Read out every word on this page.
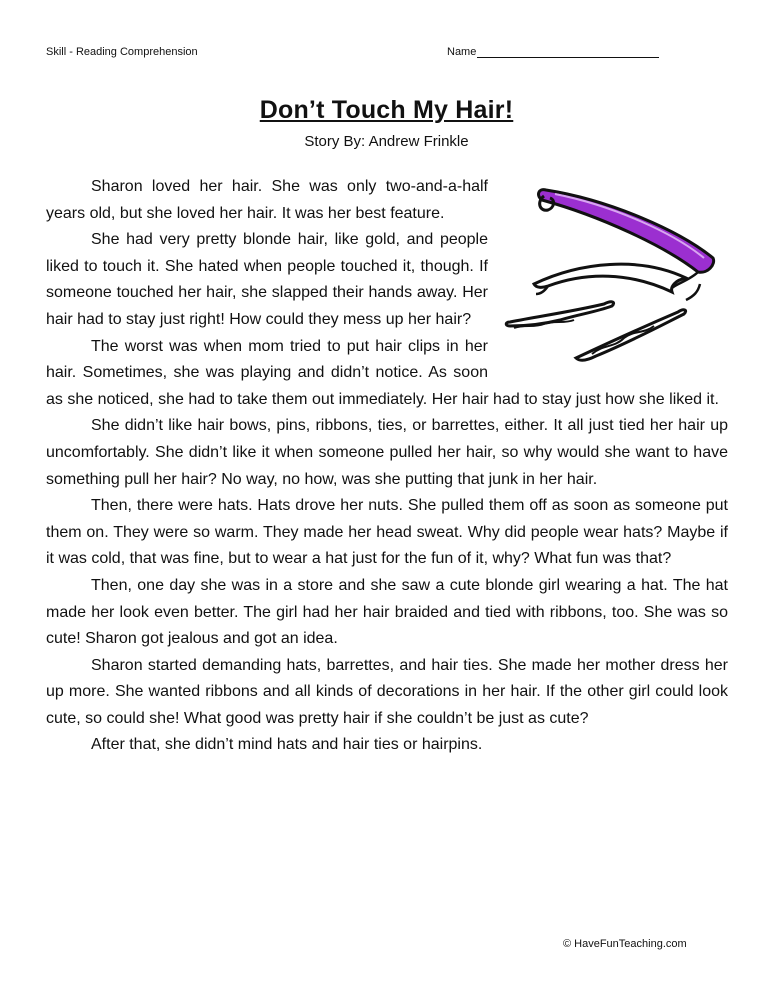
Skill - Reading Comprehension	Name
Don’t Touch My Hair!
Story By: Andrew Frinkle

Sharon loved her hair. She was only two-and-a-half years old, but she loved her hair. It was her best feature.

She had very pretty blonde hair, like gold, and people liked to touch it. She hated when people touched it, though. If someone touched her hair, she slapped their hands away. Her hair had to stay just right! How could they mess up her hair?

The worst was when mom tried to put hair clips in her hair. Sometimes, she was playing and didn’t notice. As soon as she noticed, she had to take them out immediately. Her hair had to stay just how she liked it.

She didn’t like hair bows, pins, ribbons, ties, or barrettes, either. It all just tied her hair up uncomfortably. She didn’t like it when someone pulled her hair, so why would she want to have something pull her hair? No way, no how, was she putting that junk in her hair.

Then, there were hats. Hats drove her nuts. She pulled them off as soon as someone put them on. They were so warm. They made her head sweat. Why did people wear hats? Maybe if it was cold, that was fine, but to wear a hat just for the fun of it, why? What fun was that?

Then, one day she was in a store and she saw a cute blonde girl wearing a hat. The hat made her look even better. The girl had her hair braided and tied with ribbons, too. She was so cute! Sharon got jealous and got an idea.

Sharon started demanding hats, barrettes, and hair ties. She made her mother dress her up more. She wanted ribbons and all kinds of decorations in her hair. If the other girl could look cute, so could she! What good was pretty hair if she couldn’t be just as cute?

After that, she didn’t mind hats and hair ties or hairpins.

© HaveFunTeaching.com
